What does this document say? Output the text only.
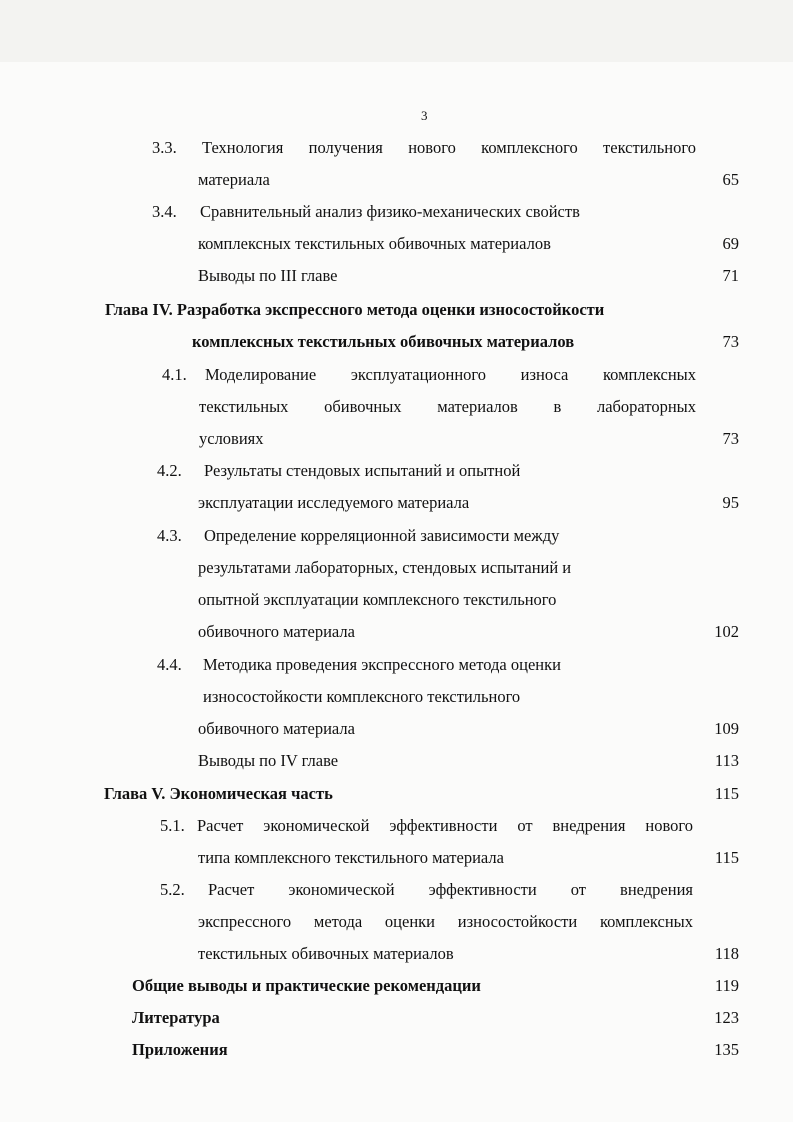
3
3.3. Технология получения нового комплексного текстильного
материала	65
3.4. Сравнительный анализ физико-механических свойств
комплексных текстильных обивочных материалов	69
Выводы по III главе	71
Глава IV. Разработка экспрессного метода оценки износостойкости
комплексных текстильных обивочных материалов	73
4.1. Моделирование эксплуатационного износа комплексных
текстильных обивочных материалов в лабораторных
условиях	73
4.2. Результаты стендовых испытаний и опытной
эксплуатации исследуемого материала	95
4.3. Определение корреляционной зависимости между
результатами лабораторных, стендовых испытаний и
опытной эксплуатации комплексного текстильного
обивочного материала	102
4.4. Методика проведения экспрессного метода оценки
износостойкости комплексного текстильного
обивочного материала	109
Выводы по IV главе	113
Глава V. Экономическая часть	115
5.1. Расчет экономической эффективности от внедрения нового
типа комплексного текстильного материала	115
5.2. Расчет экономической эффективности от внедрения
экспрессного метода оценки износостойкости комплексных
текстильных обивочных материалов	118
Общие выводы и практические рекомендации	119
Литература	123
Приложения	135
